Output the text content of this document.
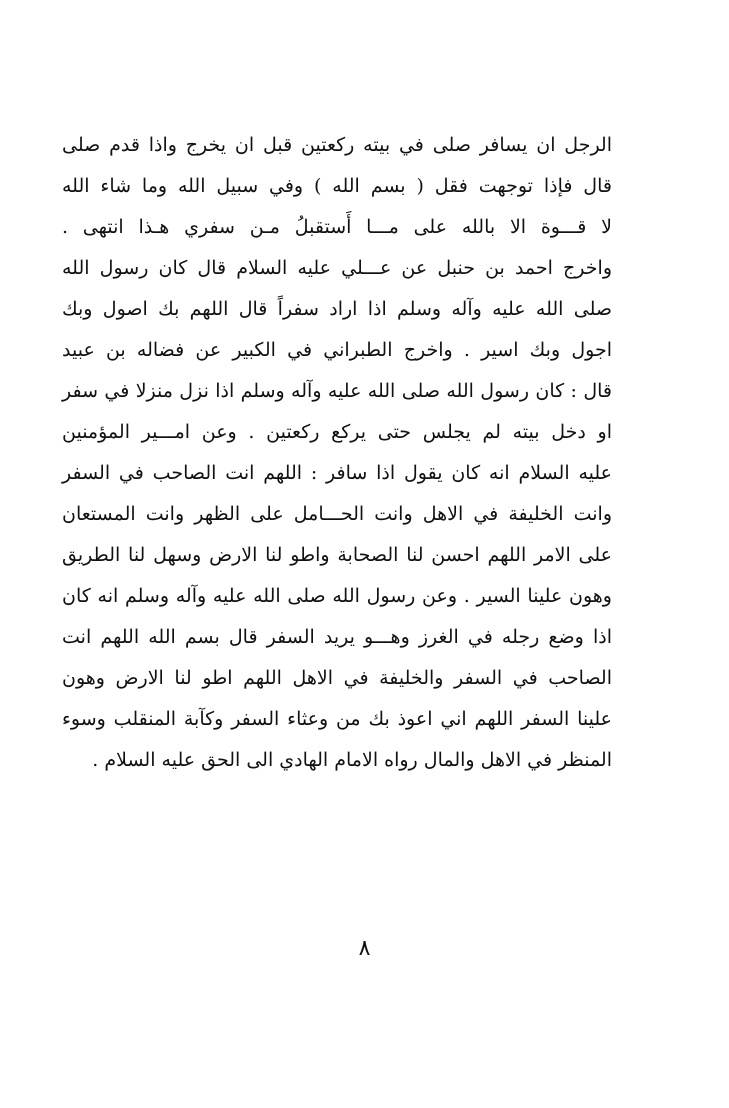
الرجل ان يسافر صلى في بيته ركعتين قبل ان يخرج واذا قدم صلى
قال فإذا توجهت فقل ( بسم الله ) وفي سبيل الله وما شاء الله
لا قـــوة الا بالله على مـــا أَستقبلُ مـن سفري هـذا انتهى .
واخرج احمد بن حنبل عن عـــلي عليه السلام قال كان رسول الله
صلى الله عليه وآله وسلم اذا اراد سفراً قال اللهم بك اصول وبك
اجول وبك اسير . واخرج الطبراني في الكبير عن فضاله بن عبيد
قال : كان رسول الله صلى الله عليه وآله وسلم اذا نزل منزلا في سفر
او دخل بيته لم يجلس حتى يركع ركعتين . وعن امـــير المؤمنين
عليه السلام انه كان يقول اذا سافر : اللهم انت الصاحب في السفر
وانت الخليفة في الاهل وانت الحـــامل على الظهر وانت المستعان
على الامر اللهم احسن لنا الصحابة واطو لنا الارض وسهل لنا الطريق
وهون علينا السير . وعن رسول الله صلى الله عليه وآله وسلم انه كان
اذا وضع رجله في الغرز وهـــو يريد السفر قال بسم الله اللهم انت
الصاحب في السفر والخليفة في الاهل اللهم اطو لنا الارض وهون
علينا السفر اللهم اني اعوذ بك من وعثاء السفر وكآبة المنقلب وسوء
المنظر في الاهل والمال رواه الامام الهادي الى الحق عليه السلام .
٨
